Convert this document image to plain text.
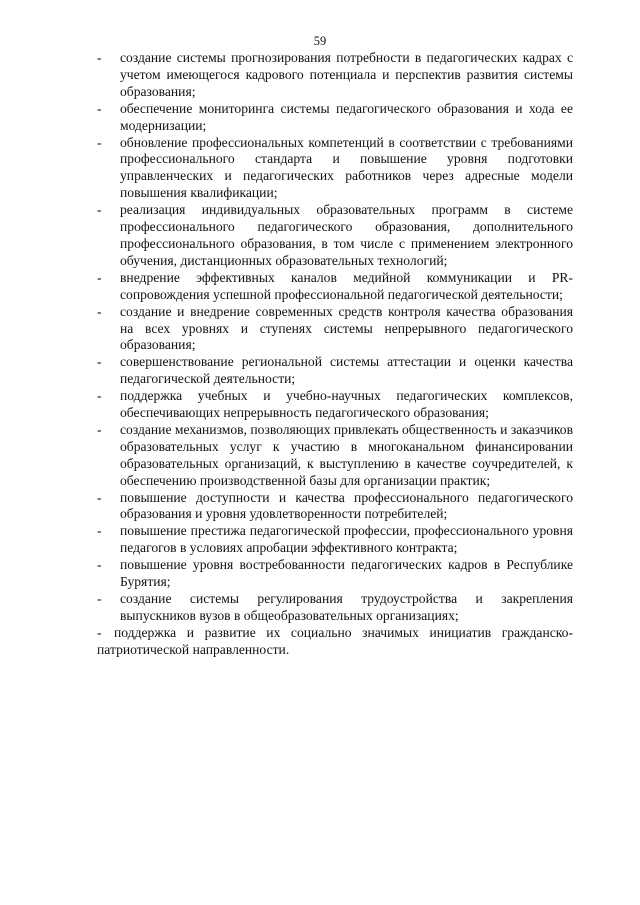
59
-	создание системы прогнозирования потребности в педагогических кадрах с учетом имеющегося кадрового потенциала и перспектив развития системы образования;
-	обеспечение мониторинга системы педагогического образования и хода ее модернизации;
-	обновление профессиональных компетенций в соответствии с требованиями профессионального стандарта и повышение уровня подготовки управленческих и педагогических работников через адресные модели повышения квалификации;
-	реализация индивидуальных образовательных программ в системе профессионального педагогического образования, дополнительного профессионального образования, в том числе с применением электронного обучения, дистанционных образовательных технологий;
-	внедрение эффективных каналов медийной коммуникации и PR-сопровождения успешной профессиональной педагогической деятельности;
-	создание и внедрение современных средств контроля качества образования на всех уровнях и ступенях системы непрерывного педагогического образования;
-	совершенствование региональной системы аттестации и оценки качества педагогической деятельности;
-	поддержка учебных и учебно-научных педагогических комплексов, обеспечивающих непрерывность педагогического образования;
-	создание механизмов, позволяющих привлекать общественность и заказчиков образовательных услуг к участию в многоканальном финансировании образовательных организаций, к выступлению в качестве соучредителей, к обеспечению производственной базы для организации практик;
-	повышение доступности и качества профессионального педагогического образования и уровня удовлетворенности потребителей;
-	повышение престижа педагогической профессии, профессионального уровня педагогов в условиях апробации эффективного контракта;
-	повышение уровня востребованности педагогических кадров в Республике Бурятия;
-	создание системы регулирования трудоустройства и закрепления выпускников вузов в общеобразовательных организациях;
- поддержка и развитие их социально значимых инициатив гражданско-патриотической направленности.
